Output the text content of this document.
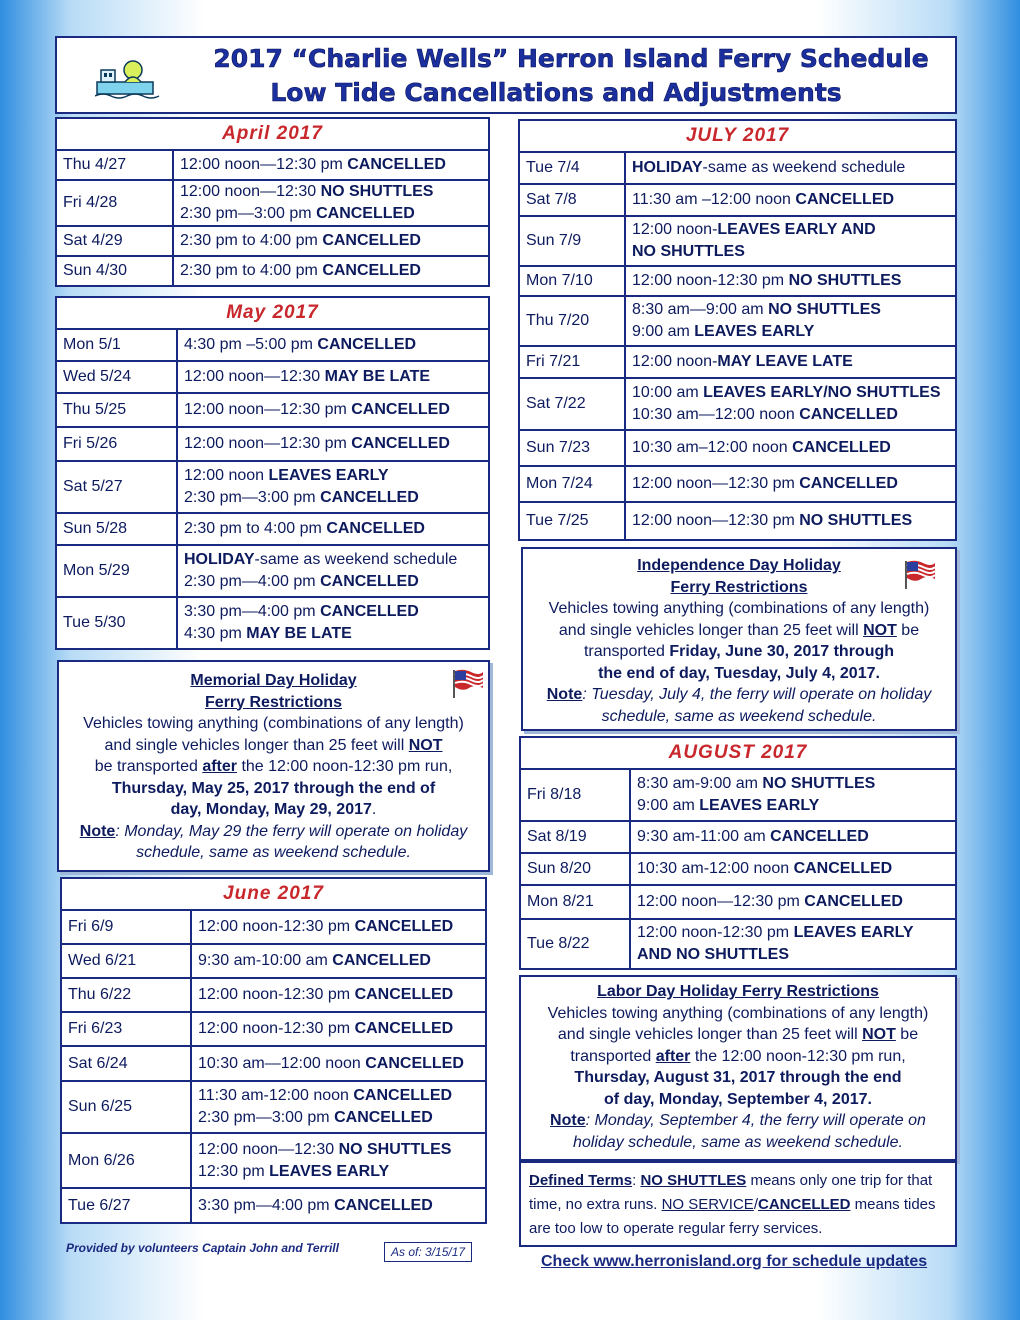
2017 “Charlie Wells” Herron Island Ferry Schedule
Low Tide Cancellations and Adjustments
April 2017	
Thu 4/27	12:00 noon—12:30 pm CANCELLED

Fri 4/28	12:00 noon—12:30 NO SHUTTLES
2:30 pm—3:00 pm CANCELLED

Sat 4/29	2:30 pm to 4:00 pm CANCELLED

Sun 4/30	2:30 pm to 4:00 pm CANCELLED
May 2017	
Mon 5/1	4:30 pm –5:00 pm CANCELLED

Wed 5/24	12:00 noon—12:30 MAY BE LATE

Thu 5/25	12:00 noon—12:30 pm CANCELLED

Fri 5/26	12:00 noon—12:30 pm CANCELLED

Sat 5/27	12:00 noon LEAVES EARLY
2:30 pm—3:00 pm CANCELLED

Sun 5/28	2:30 pm to 4:00 pm CANCELLED

Mon 5/29	HOLIDAY-same as weekend schedule
2:30 pm—4:00 pm CANCELLED

Tue 5/30	3:30 pm—4:00 pm CANCELLED
4:30 pm MAY BE LATE
Memorial Day Holiday
Ferry Restrictions
Vehicles towing anything (combinations of any length)
and single vehicles longer than 25 feet will NOT
be transported after the 12:00 noon-12:30 pm run,
Thursday, May 25, 2017 through the end of
day, Monday, May 29, 2017.
Note: Monday, May 29 the ferry will operate on holiday
schedule, same as weekend schedule.
June 2017	
Fri 6/9	12:00 noon-12:30 pm CANCELLED

Wed 6/21	9:30 am-10:00 am CANCELLED

Thu 6/22	12:00 noon-12:30 pm CANCELLED

Fri 6/23	12:00 noon-12:30 pm CANCELLED

Sat 6/24	10:30 am—12:00 noon CANCELLED

Sun 6/25	11:30 am-12:00 noon CANCELLED
2:30 pm—3:00 pm CANCELLED

Mon 6/26	12:00 noon—12:30 NO SHUTTLES
12:30 pm LEAVES EARLY

Tue 6/27	3:30 pm—4:00 pm CANCELLED
Provided by volunteers Captain John and Terrill	As of: 3/15/17
JULY 2017	
Tue 7/4	HOLIDAY-same as weekend schedule

Sat 7/8	11:30 am –12:00 noon CANCELLED

Sun 7/9	12:00 noon-LEAVES EARLY AND
NO SHUTTLES

Mon 7/10	12:00 noon-12:30 pm NO SHUTTLES

Thu 7/20	8:30 am—9:00 am NO SHUTTLES
9:00 am LEAVES EARLY

Fri 7/21	12:00 noon-MAY LEAVE LATE

Sat 7/22	10:00 am LEAVES EARLY/NO SHUTTLES
10:30 am—12:00 noon CANCELLED

Sun 7/23	10:30 am–12:00 noon CANCELLED

Mon 7/24	12:00 noon—12:30 pm CANCELLED

Tue 7/25	12:00 noon—12:30 pm NO SHUTTLES
Independence Day Holiday
Ferry Restrictions
Vehicles towing anything (combinations of any length)
and single vehicles longer than 25 feet will NOT be
transported Friday, June 30, 2017 through
the end of day, Tuesday, July 4, 2017.
Note: Tuesday, July 4, the ferry will operate on holiday
schedule, same as weekend schedule.
AUGUST 2017	
Fri 8/18	8:30 am-9:00 am NO SHUTTLES
9:00 am LEAVES EARLY

Sat 8/19	9:30 am-11:00 am CANCELLED

Sun 8/20	10:30 am-12:00 noon CANCELLED

Mon 8/21	12:00 noon—12:30 pm CANCELLED

Tue 8/22	12:00 noon-12:30 pm LEAVES EARLY
AND NO SHUTTLES
Labor Day Holiday Ferry Restrictions
Vehicles towing anything (combinations of any length)
and single vehicles longer than 25 feet will NOT be
transported after the 12:00 noon-12:30 pm run,
Thursday, August 31, 2017 through the end
of day, Monday, September 4, 2017.
Note: Monday, September 4, the ferry will operate on
holiday schedule, same as weekend schedule.
Defined Terms: NO SHUTTLES means only one trip for that time, no extra runs. NO SERVICE/CANCELLED means tides are too low to operate regular ferry services.
Check www.herronisland.org for schedule updates
